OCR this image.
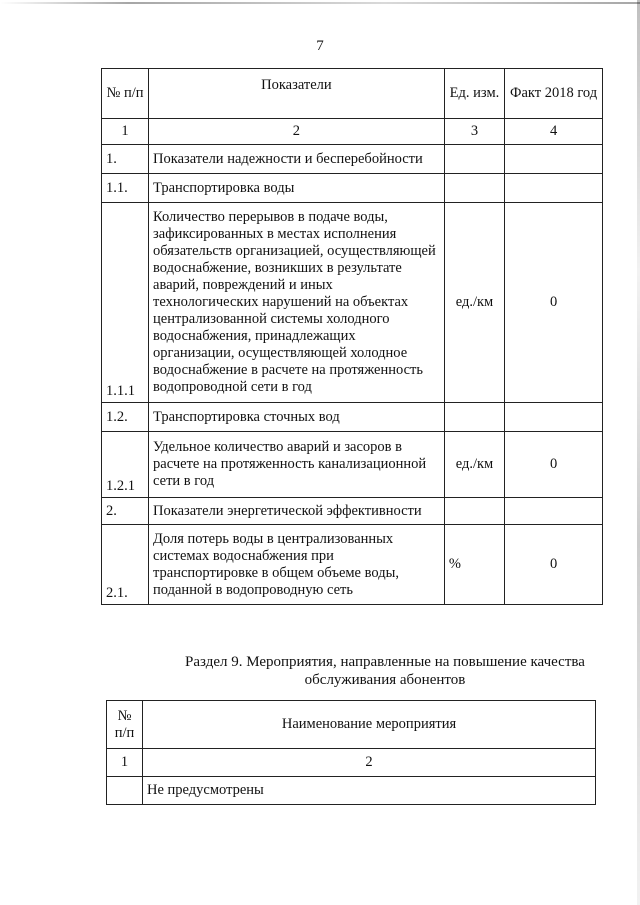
7
№ п/п	Показатели	Ед. изм.	Факт 2018 год
1	2	3	4
1.	Показатели надежности и бесперебойности		
1.1.	Транспортировка воды		
1.1.1	Количество перерывов в подаче воды, зафиксированных в местах исполнения обязательств организацией, осуществляющей водоснабжение, возникших в результате аварий, повреждений и иных технологических нарушений на объектах централизованной системы холодного водоснабжения, принадлежащих организации, осуществляющей холодное водоснабжение в расчете на протяженность водопроводной сети в год	ед./км	0
1.2.	Транспортировка сточных вод		
1.2.1	Удельное количество аварий и засоров в расчете на протяженность канализационной сети в год	ед./км	0
2.	Показатели энергетической эффективности		
2.1.	Доля потерь воды в централизованных системах водоснабжения при транспортировке в общем объеме воды, поданной в водопроводную сеть	%	0
Раздел 9. Мероприятия, направленные на повышение качества обслуживания абонентов
№ п/п	Наименование мероприятия
1	2
	Не предусмотрены
